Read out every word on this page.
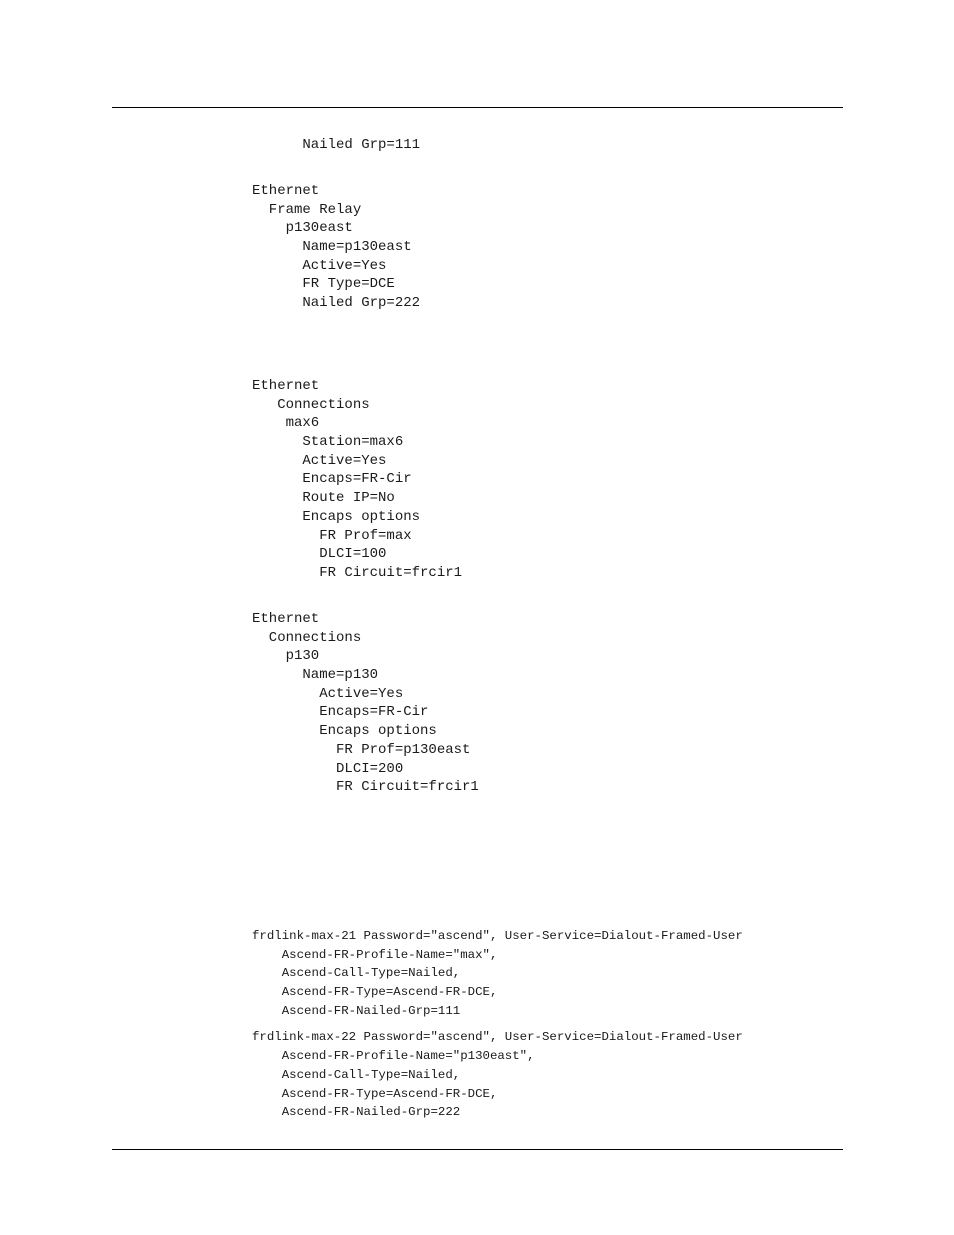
Nailed Grp=111
Ethernet
Frame Relay
p130east
Name=p130east
Active=Yes
FR Type=DCE
Nailed Grp=222
Ethernet
Connections
max6
Station=max6
Active=Yes
Encaps=FR-Cir
Route IP=No
Encaps options
FR Prof=max
DLCI=100
FR Circuit=frcir1
Ethernet
Connections
p130
Name=p130
Active=Yes
Encaps=FR-Cir
Encaps options
FR Prof=p130east
DLCI=200
FR Circuit=frcir1
frdlink-max-21 Password="ascend", User-Service=Dialout-Framed-User
Ascend-FR-Profile-Name="max",
Ascend-Call-Type=Nailed,
Ascend-FR-Type=Ascend-FR-DCE,
Ascend-FR-Nailed-Grp=111
frdlink-max-22 Password="ascend", User-Service=Dialout-Framed-User
Ascend-FR-Profile-Name="p130east",
Ascend-Call-Type=Nailed,
Ascend-FR-Type=Ascend-FR-DCE,
Ascend-FR-Nailed-Grp=222
